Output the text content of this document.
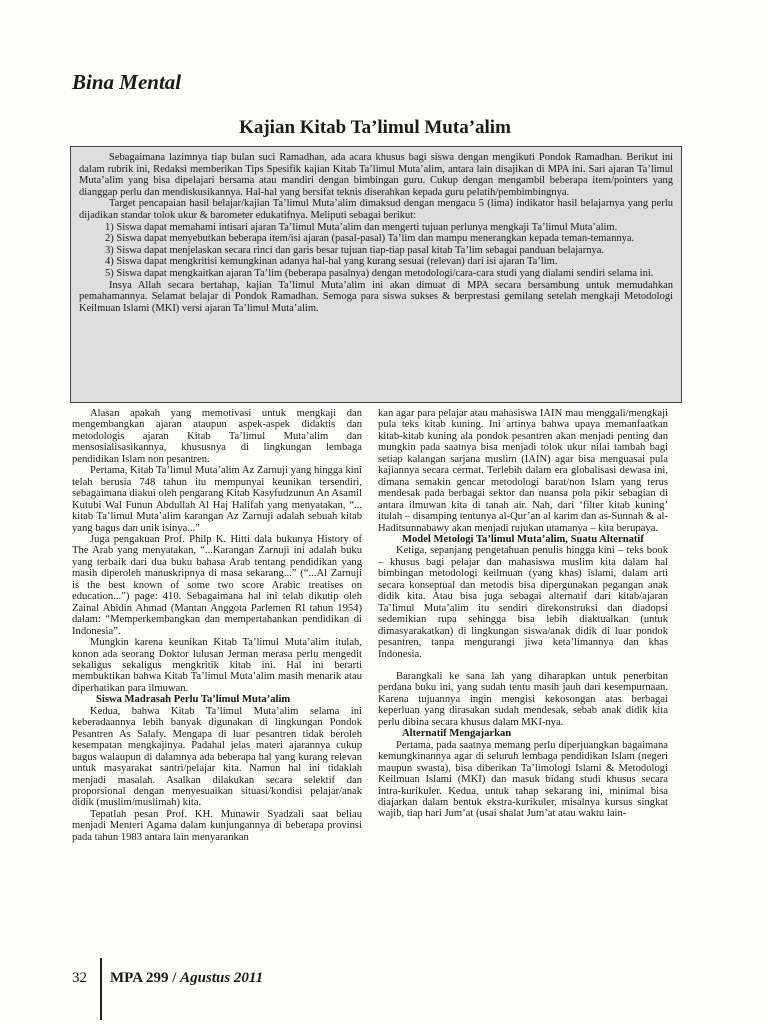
Bina Mental
Kajian Kitab Ta’limul Muta’alim

Sebagaimana lazimnya tiap bulan suci Ramadhan, ada acara khusus bagi siswa dengan mengikuti Pondok Ramadhan. Berikut ini dalam rubrik ini, Redaksi memberikan Tips Spesifik kajian Kitab Ta’limul Muta’alim, antara lain disajikan di MPA ini. Sari ajaran Ta’limul Muta’alim yang bisa dipelajari bersama atau mandiri dengan bimbingan guru. Cukup dengan mengambil beberapa item/pointers yang dianggap perlu dan mendiskusikannya. Hal-hal yang bersifat teknis diserahkan kepada guru pelatih/pembimbingnya.

Target pencapaian hasil belajar/kajian Ta’limul Muta’alim dimaksud dengan mengacu 5 (lima) indikator hasil belajarnya yang perlu dijadikan standar tolok ukur & barometer edukatifnya. Meliputi sebagai berikut:

1) Siswa dapat memahami intisari ajaran Ta’limul Muta’alim dan mengerti tujuan perlunya mengkaji Ta’limul Muta’alim.

2) Siswa dapat menyebutkan beberapa item/isi ajaran (pasal-pasal) Ta’lim dan mampu menerangkan kepada teman-temannya.

3) Siswa dapat menjelaskan secara rinci dan garis besar tujuan tiap-tiap pasal kitab Ta’lim sebagai panduan belajarnya.

4) Siswa dapat mengkritisi kemungkinan adanya hal-hal yang kurang sesuai (relevan) dari isi ajaran Ta’lim.

5) Siswa dapat mengkaitkan ajaran Ta’lim (beberapa pasalnya) dengan metodologi/cara-cara studi yang dialami sendiri selama ini.

Insya Allah secara bertahap, kajian Ta’limul Muta’alim ini akan dimuat di MPA secara bersambung untuk memudahkan pemahamannya. Selamat belajar di Pondok Ramadhan. Semoga para siswa sukses & berprestasi gemilang setelah mengkaji Metodologi Keilmuan Islami (MKI) versi ajaran Ta’limul Muta’alim.

Alasan apakah yang memotivasi untuk mengkaji dan mengembangkan ajaran ataupun aspek-aspek didaktis dan metodologis ajaran Kitab Ta’limul Muta’alim dan mensosialisasikannya, khususnya di lingkungan lembaga pendidikan Islam non pesantren.

Pertama, Kitab Ta’limul Muta’alim Az Zarnuji yang hingga kini telah berusia 748 tahun itu mempunyai keunikan tersendiri, sebagaimana diakui oleh pengarang Kitab Kasyfudzunun An Asamil Kutubi Wal Funun Abdullah Al Haj Halifah yang menyatakan, “... kitab Ta’limul Muta’alim karangan Az Zarnuji adalah sebuah kitab yang bagus dan unik isinya...”

Juga pengakuan Prof. Philp K. Hitti dala bukunya History of The Arab yang menyatakan, “...Karangan Zarnuji ini adalah buku yang terbaik dari dua buku bahasa Arab tentang pendidikan yang masih diperoleh manuskripnya di masa sekarang...” (“...Al Zarnuji is the best known of some two score Arabic treatises on education...”) page: 410. Sebagaimana hal ini telah dikutip oleh Zainal Abidin Ahmad (Mantan Anggota Parlemen RI tahun 1954) dalam: “Memperkembangkan dan mempertahankan pendidikan di Indonesia”.

Mungkin karena keunikan Kitab Ta’limul Muta’alim itulah, konon ada seorang Doktor lulusan Jerman merasa perlu mengedit sekaligus sekaligus mengkritik kitab ini. Hal ini berarti membuktikan bahwa Kitab Ta’limul Muta’alim masih menarik atau diperhatikan para ilmuwan.

Siswa Madrasah Perlu Ta’limul Muta’alim

Kedua, bahwa Kitab Ta’limul Muta’alim selama ini keberadaannya lebih banyak digunakan di lingkungan Pondok Pesantren As Salafy. Mengapa di luar pesantren tidak beroleh kesempatan mengkajinya. Padahal jelas materi ajarannya cukup bagus walaupun di dalamnya ada beberapa hal yang kurang relevan untuk masyarakat santri/pelajar kita. Namun hal ini tidaklah menjadi masalah. Asalkan dilakukan secara selektif dan proporsional dengan menyesuaikan situasi/kondisi pelajar/anak didik (muslim/muslimah) kita.

Tepatlah pesan Prof. KH. Munawir Syadzali saat beliau menjadi Menteri Agama dalam kunjungannya di beberapa provinsi pada tahun 1983 antara lain menyarankan

kan agar para pelajar atau mahasiswa IAIN mau menggali/mengkaji pula teks kitab kuning. Ini artinya bahwa upaya memanfaatkan kitab-kitab kuning ala pondok pesantren akan menjadi penting dan mungkin pada saatnya bisa menjadi tolok ukur nilai tambah bagi setiap kalangan sarjana muslim (IAIN) agar bisa menguasai pula kajiannya secara cermat. Terlebih dalam era globalisasi dewasa ini, dimana semakin gencar metodologi barat/non Islam yang terus mendesak pada berbagai sektor dan nuansa pola pikir sebagian di antara ilmuwan kita di tanah air. Nah, dari ‘filter kitab kuning’ itulah – disamping tentunya al-Qur’an al karim dan as-Sunnah & al-Haditsunnabawy akan menjadi rujukan utamanya – kita berupaya.

Model Metologi Ta’limul Muta’alim, Suatu Alternatif

Ketiga, sepanjang pengetahuan penulis hingga kini – teks book – khusus bagi pelajar dan mahasiswa muslim kita dalam hal bimbingan metodologi keilmuan (yang khas) islami, dalam arti secara konseptual dan metodis bisa dipergunakan pegangan anak didik kita. Atau bisa juga sebagai alternatif dari kitab/ajaran Ta’limul Muta’alim itu sendiri direkonstruksi dan diadopsi sedemikian rupa sehingga bisa lebih diaktualkan (untuk dimasyarakatkan) di lingkungan siswa/anak didik di luar pondok pesantren, tanpa mengurangi jiwa keta’limannya dan khas Indonesia.

Barangkali ke sana lah yang diharapkan untuk penerbitan perdana buku ini, yang sudah tentu masih jauh dari kesempurnaan. Karena tujuannya ingin mengisi kekosongan atas berbagai keperluan yang dirasakan sudah mendesak, sebab anak didik kita perlu dibina secara khusus dalam MKI-nya.

Alternatif Mengajarkan

Pertama, pada saatnya memang perlu diperjuangkan bagaimana kemungkinannya agar di seluruh lembaga pendidikan Islam (negeri maupun swasta), bisa diberikan Ta’limologi Islami & Metodologi Keilmuan Islami (MKI) dan masuk bidang studi khusus secara intra-kurikuler. Kedua, untuk tahap sekarang ini, minimal bisa diajarkan dalam bentuk ekstra-kurikuler, misalnya kursus singkat wajib, tiap hari Jum’at (usai shalat Jum’at atau waktu lain-

32 MPA 299 / Agustus 2011
